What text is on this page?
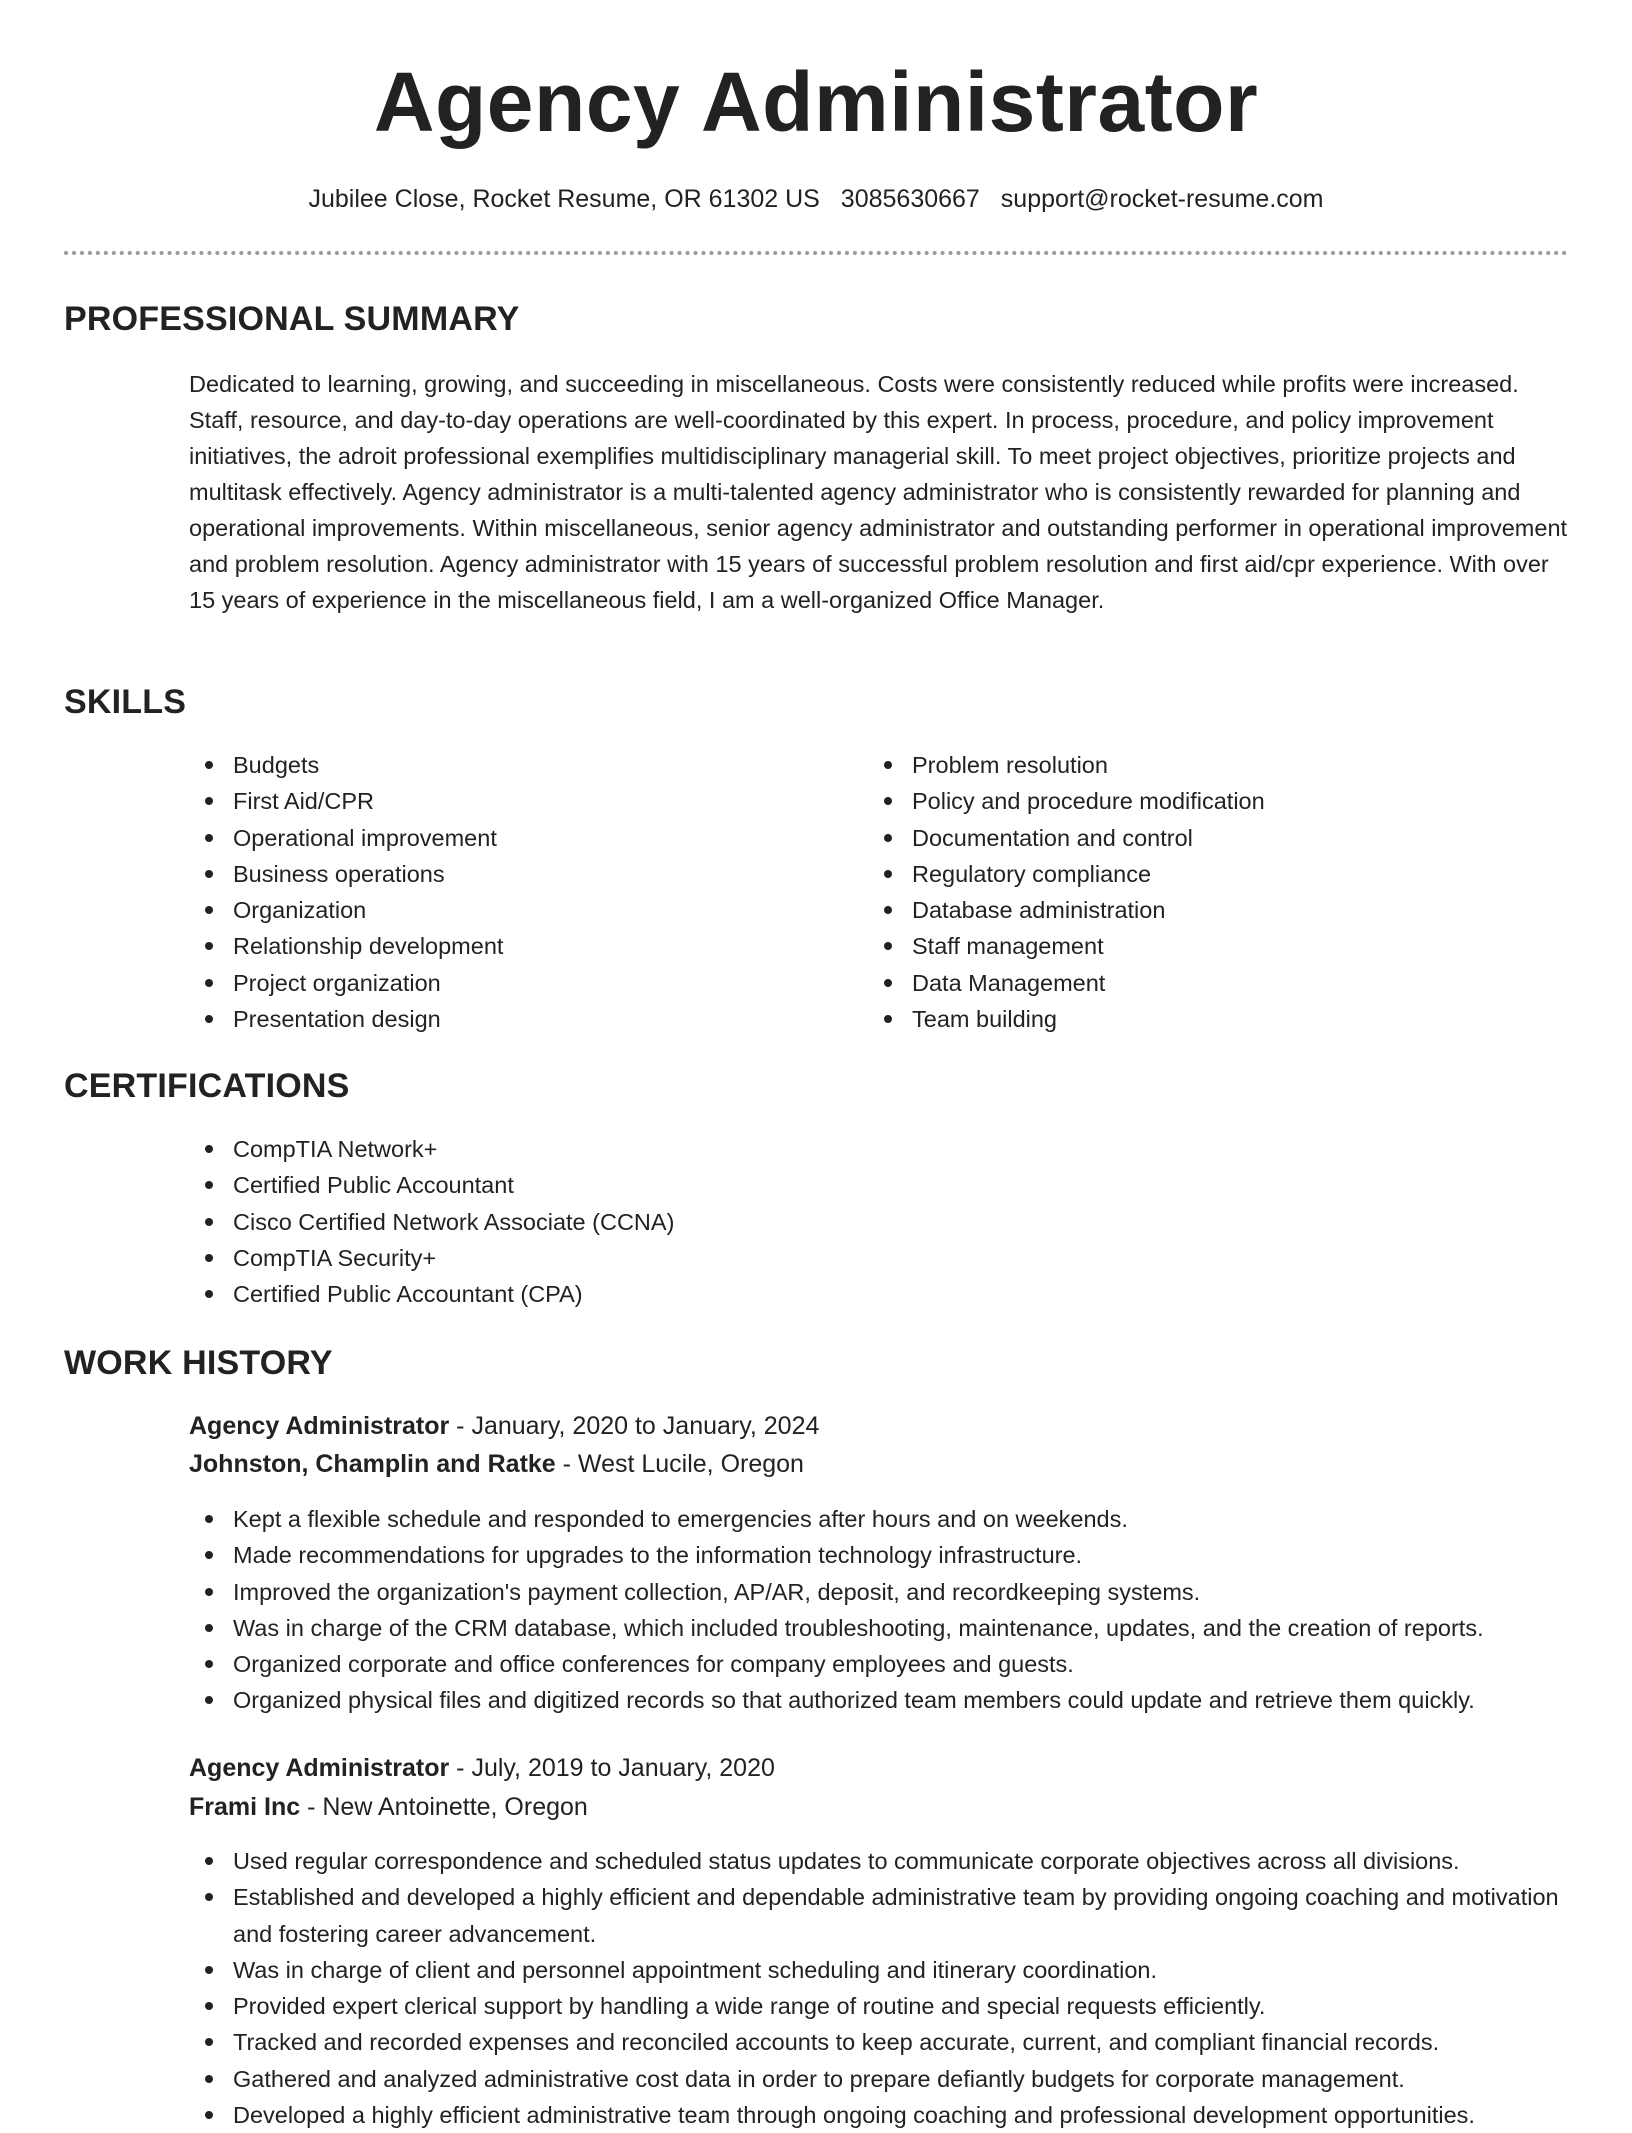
Agency Administrator
Jubilee Close, Rocket Resume, OR 61302 US 3085630667 support@rocket-resume.com
PROFESSIONAL SUMMARY

Dedicated to learning, growing, and succeeding in miscellaneous. Costs were consistently reduced while profits were increased. Staff, resource, and day-to-day operations are well-coordinated by this expert. In process, procedure, and policy improvement initiatives, the adroit professional exemplifies multidisciplinary managerial skill. To meet project objectives, prioritize projects and multitask effectively. Agency administrator is a multi-talented agency administrator who is consistently rewarded for planning and operational improvements. Within miscellaneous, senior agency administrator and outstanding performer in operational improvement and problem resolution. Agency administrator with 15 years of successful problem resolution and first aid/cpr experience. With over 15 years of experience in the miscellaneous field, I am a well-organized Office Manager.

SKILLS
Budgets
First Aid/CPR
Operational improvement
Business operations
Organization
Relationship development
Project organization
Presentation design
Problem resolution
Policy and procedure modification
Documentation and control
Regulatory compliance
Database administration
Staff management
Data Management
Team building
CERTIFICATIONS
CompTIA Network+
Certified Public Accountant
Cisco Certified Network Associate (CCNA)
CompTIA Security+
Certified Public Accountant (CPA)
WORK HISTORY
Agency Administrator - January, 2020 to January, 2024
Johnston, Champlin and Ratke - West Lucile, Oregon
Kept a flexible schedule and responded to emergencies after hours and on weekends.
Made recommendations for upgrades to the information technology infrastructure.
Improved the organization's payment collection, AP/AR, deposit, and recordkeeping systems.
Was in charge of the CRM database, which included troubleshooting, maintenance, updates, and the creation of reports.
Organized corporate and office conferences for company employees and guests.
Organized physical files and digitized records so that authorized team members could update and retrieve them quickly.
Agency Administrator - July, 2019 to January, 2020
Frami Inc - New Antoinette, Oregon
Used regular correspondence and scheduled status updates to communicate corporate objectives across all divisions.
Established and developed a highly efficient and dependable administrative team by providing ongoing coaching and motivation and fostering career advancement.
Was in charge of client and personnel appointment scheduling and itinerary coordination.
Provided expert clerical support by handling a wide range of routine and special requests efficiently.
Tracked and recorded expenses and reconciled accounts to keep accurate, current, and compliant financial records.
Gathered and analyzed administrative cost data in order to prepare defiantly budgets for corporate management.
Developed a highly efficient administrative team through ongoing coaching and professional development opportunities.
